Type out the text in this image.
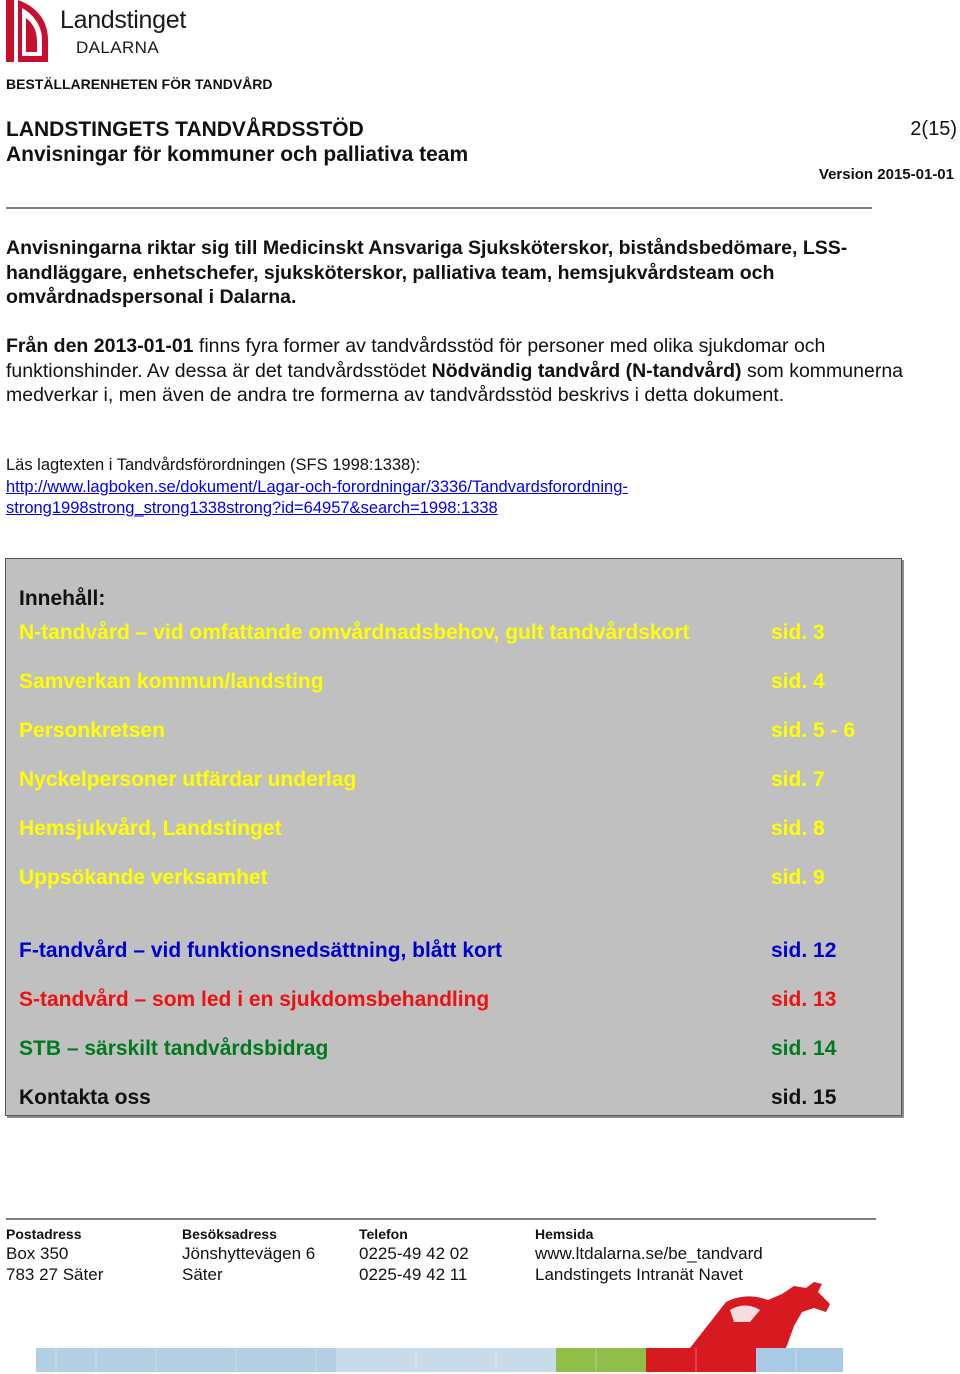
Landstinget
DALARNA
BESTÄLLARENHETEN FÖR TANDVÅRD
LANDSTINGETS TANDVÅRDSSTÖD
Anvisningar för kommuner och palliativa team
2(15)
Version 2015-01-01
Anvisningarna riktar sig till Medicinskt Ansvariga Sjuksköterskor, biståndsbedömare, LSS-handläggare, enhetschefer, sjuksköterskor, palliativa team, hemsjukvårdsteam och omvårdnadspersonal i Dalarna.
Från den 2013-01-01 finns fyra former av tandvårdsstöd för personer med olika sjukdomar och funktionshinder. Av dessa är det tandvårdsstödet Nödvändig tandvård (N-tandvård) som kommunerna medverkar i, men även de andra tre formerna av tandvårdsstöd beskrivs i detta dokument.
Läs lagtexten i Tandvårdsförordningen (SFS 1998:1338):
http://www.lagboken.se/dokument/Lagar-och-forordningar/3336/Tandvardsforordning-strong1998strong_strong1338strong?id=64957&search=1998:1338
Innehåll:
N-tandvård – vid omfattande omvårdnadsbehov, gult tandvårdskort	sid. 3
Samverkan kommun/landsting	sid. 4
Personkretsen	sid. 5 - 6
Nyckelpersoner utfärdar underlag	sid. 7
Hemsjukvård, Landstinget	sid. 8
Uppsökande verksamhet	sid. 9
F-tandvård – vid funktionsnedsättning, blått kort	sid. 12
S-tandvård – som led i en sjukdomsbehandling	sid. 13
STB – särskilt tandvårdsbidrag	sid. 14
Kontakta oss	sid. 15
Postadress
Box 350
783 27 Säter
Besöksadress
Jönshyttevägen 6
Säter
Telefon
0225-49 42 02
0225-49 42 11
Hemsida
www.ltdalarna.se/be_tandvard
Landstingets Intranät Navet
